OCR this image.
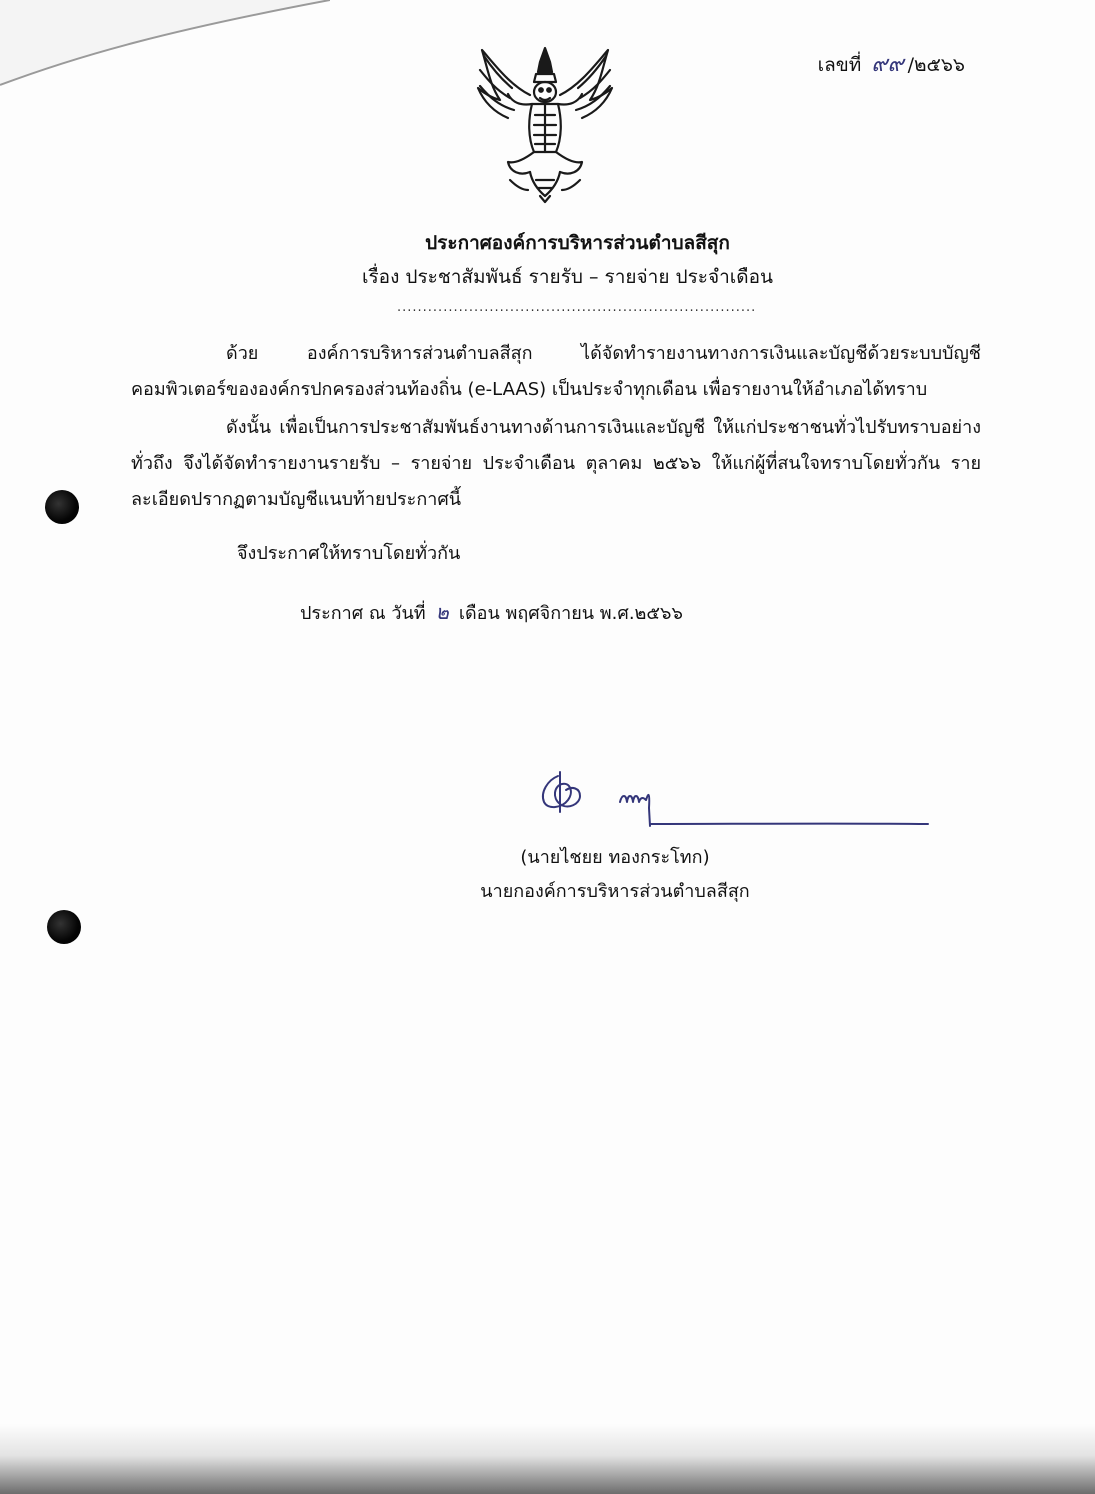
เลขที่ ๙๙ /๒๕๖๖
ประกาศองค์การบริหารส่วนตำบลสีสุก
เรื่อง ประชาสัมพันธ์ รายรับ – รายจ่าย ประจำเดือน
......................................................................
ด้วย องค์การบริหารส่วนตำบลสีสุก ได้จัดทำรายงานทางการเงินและบัญชีด้วยระบบบัญชีคอมพิวเตอร์ขององค์กรปกครองส่วนท้องถิ่น (e-LAAS) เป็นประจำทุกเดือน เพื่อรายงานให้อำเภอได้ทราบ
ดังนั้น เพื่อเป็นการประชาสัมพันธ์งานทางด้านการเงินและบัญชี ให้แก่ประชาชนทั่วไปรับทราบอย่างทั่วถึง จึงได้จัดทำรายงานรายรับ – รายจ่าย ประจำเดือน ตุลาคม ๒๕๖๖ ให้แก่ผู้ที่สนใจทราบโดยทั่วกัน รายละเอียดปรากฏตามบัญชีแนบท้ายประกาศนี้
จึงประกาศให้ทราบโดยทั่วกัน
ประกาศ ณ วันที่ ๒ เดือน พฤศจิกายน พ.ศ.๒๕๖๖
(นายไชยย ทองกระโทก)
นายกองค์การบริหารส่วนตำบลสีสุก
